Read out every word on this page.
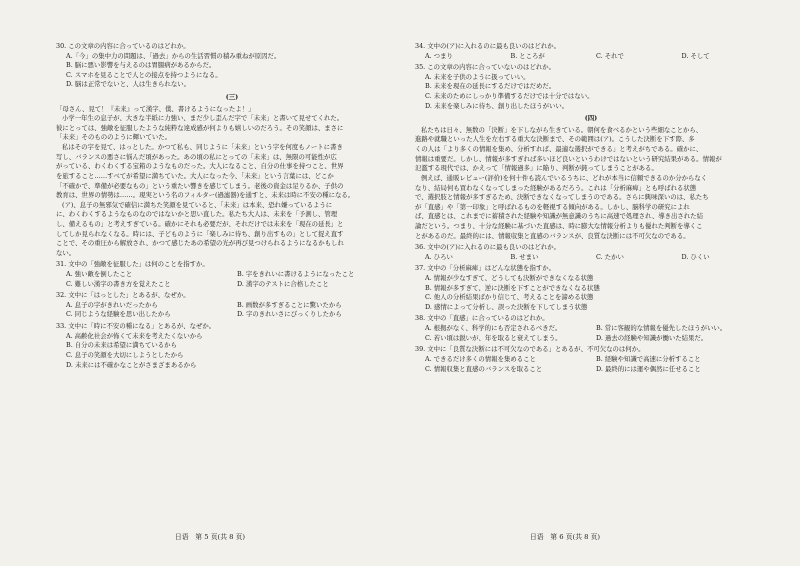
30. この文章の内容に合っているのはどれか。
A.「今」の集中力の問題は、「過去」からの生活習慣の積み重ねが原因だ。
B. 脳に悪い影響を与えるのは胃腸病があるからだ。
C. スマホを見ることで人との接点を持つようになる。
D. 脳は正常でないと、人は生きられない。
(三)
「母さん、見て！『未来』って漢字、僕、書けるようになったよ！」
小学一年生の息子が、大きな半紙に力強い、まだ少し歪んだ字で「未来」と書いて見せてくれた。
彼にとっては、強敵を征服したような純粋な達成感が何よりも嬉しいのだろう。その笑顔は、まさに
「未来」そのもののように輝いていた。
私はその字を見て、はっとした。かつて私も、同じように「未来」という字を何度もノートに書き
写し、バランスの悪さに悩んだ頃があった。あの頃の私にとっての「未来」は、無限の可能性が広
がっている、わくわくする宝箱のようなものだった。大人になること、自分の仕事を持つこと、世界
を旅すること……すべてが希望に満ちていた。大人になった今、「未来」という言葉には、どこか
「不確かで、準備が必要なもの」という重たい響きを感じてしまう。老後の資金は足りるか、子供の
教育は、世界の情勢は……。現実という名のフィルター(過滤器)を通すと、未来は時に不安の種になる。
(ア)、息子の無邪気で確信に満ちた笑顔を見ていると、「未来」は本来、恐れ嫌っているように
に、わくわくするようなものなのではないかと思い直した。私たち大人は、未来を「予測し、管理
し、備えるもの」と考えすぎている。確かにそれも必要だが、それだけでは未来を「現在の延長」と
してしか見られなくなる。時には、子どものように「楽しみに待ち、創り出すもの」として捉え直す
ことで、その重圧から解放され、かつて感じたあの希望の光が再び見つけられるようになるかもしれ
ない。
31. 文中の「強敵を征服した」は何のことを指すか。
A. 強い敵を倒したこと	B. 字をきれいに書けるようになったこと
C. 難しい漢字の書き方を覚えたこと	D. 漢字のテストに合格したこと
32. 文中に「はっとした」とあるが、なぜか。
A. 息子の字がきれいだったから	B. 画数が多すぎることに驚いたから
C. 同じような経験を思い出したから	D. 字のきれいさにびっくりしたから
33. 文中に「時に不安の種になる」とあるが、なぜか。
A. 高齢化社会が怖くて未来を考えたくないから
B. 自分の未来は希望に満ちているから
C. 息子の笑顔を大切にしようとしたから
D. 未来には不確かなことがさまざまあるから
34. 文中の(ア)に入れるのに最も良いのはどれか。
A. つまり	B. ところが	C. それで	D. そして
35. この文章の内容に合っていないのはどれか。
A. 未来を子供のように扱っていい。
B. 未来を現在の延長にするだけではだめだ。
C. 未来のためにしっかり準備するだけでは十分ではない。
D. 未来を楽しみに待ち、創り出したほうがいい。
(四)
私たちは日々、無数の「決断」を下しながら生きている。朝何を食べるかという些細なことから、
進路や就職といった人生を左右する重大な決断まで、その範囲は(ア)。こうした決断を下す際、多
くの人は「より多くの情報を集め、分析すれば、最適な選択ができる」と考えがちである。確かに、
情報は重要だ。しかし、情報が多すぎれば多いほど良いというわけではないという研究結果がある。情報が
氾濫する現代では、かえって「情報過多」に陥り、判断が鈍ってしまうことがある。
例えば、通販レビュー(評价)を何十件も読んでいるうちに、どれが本当に信頼できるのか分からなく
なり、結局何も買わなくなってしまった経験があるだろう。これは「分析麻痺」とも呼ばれる状態
で、選択肢と情報が多すぎるため、決断できなくなってしまうのである。さらに興味深いのは、私たち
が「直感」や「第一印象」と呼ばれるものを軽視する傾向がある。しかし、脳科学の研究によれ
ば、直感とは、これまでに蓄積された経験や知識が無意識のうちに高速で処理され、導き出された結
論だという。つまり、十分な経験に基づいた直感は、時に膨大な情報分析よりも優れた判断を導くこ
とがあるのだ。最終的には、情報収集と直感のバランスが、良質な決断には不可欠なのである。
36. 文中の(ア)に入れるのに最も良いのはどれか。
A. ひろい	B. せまい	C. たかい	D. ひくい
37. 文中の「分析麻痺」はどんな状態を指すか。
A. 情報が少なすぎて、どうしても決断ができなくなる状態
B. 情報が多すぎて、逆に決断を下すことができなくなる状態
C. 他人の分析結果ばかり信じて、考えることを諦める状態
D. 感情によって分析し、誤った決断を下してしまう状態
38. 文中の「直感」に合っているのはどれか。
A. 根拠がなく、科学的にも否定されるべきだ。	B. 常に客観的な情報を優先したほうがいい。
C. 若い頃は鋭いが、年を取ると衰えてしまう。	D. 過去の経験や知識が働いた結果だ。
39. 文中に「良質な決断には不可欠なのである」とあるが、不可欠なのは何か。
A. できるだけ多くの情報を集めること	B. 経験や知識で高速に分析すること
C. 情報収集と直感のバランスを取ること	D. 最終的には運や偶然に任せること
日语　第 5 页(共 8 页)	日语　第 6 页(共 8 页)
